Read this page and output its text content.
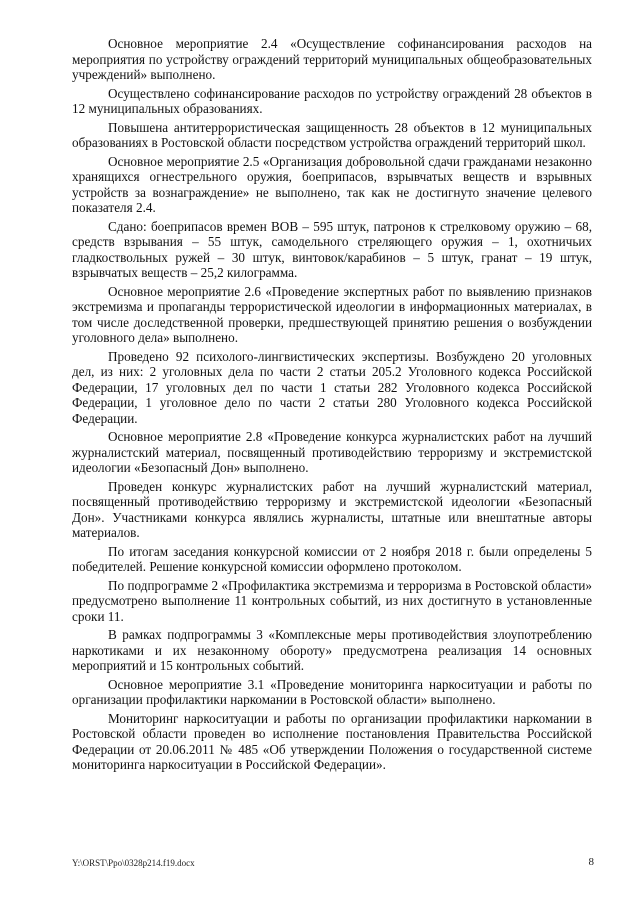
Основное мероприятие 2.4 «Осуществление софинансирования расходов на мероприятия по устройству ограждений территорий муниципальных общеобразовательных учреждений» выполнено.

Осуществлено софинансирование расходов по устройству ограждений 28 объектов в 12 муниципальных образованиях.

Повышена антитеррористическая защищенность 28 объектов в 12 муниципальных образованиях в Ростовской области посредством устройства ограждений территорий школ.

Основное мероприятие 2.5 «Организация добровольной сдачи гражданами незаконно хранящихся огнестрельного оружия, боеприпасов, взрывчатых веществ и взрывных устройств за вознаграждение» не выполнено, так как не достигнуто значение целевого показателя 2.4.

Сдано: боеприпасов времен ВОВ – 595 штук, патронов к стрелковому оружию – 68, средств взрывания – 55 штук, самодельного стреляющего оружия – 1, охотничьих гладкоствольных ружей – 30 штук, винтовок/карабинов – 5 штук, гранат – 19 штук, взрывчатых веществ – 25,2 килограмма.

Основное мероприятие 2.6 «Проведение экспертных работ по выявлению признаков экстремизма и пропаганды террористической идеологии в информационных материалах, в том числе доследственной проверки, предшествующей принятию решения о возбуждении уголовного дела» выполнено.

Проведено 92 психолого-лингвистических экспертизы. Возбуждено 20 уголовных дел, из них: 2 уголовных дела по части 2 статьи 205.2 Уголовного кодекса Российской Федерации, 17 уголовных дел по части 1 статьи 282 Уголовного кодекса Российской Федерации, 1 уголовное дело по части 2 статьи 280 Уголовного кодекса Российской Федерации.

Основное мероприятие 2.8 «Проведение конкурса журналистских работ на лучший журналистский материал, посвященный противодействию терроризму и экстремистской идеологии «Безопасный Дон» выполнено.

Проведен конкурс журналистских работ на лучший журналистский материал, посвященный противодействию терроризму и экстремистской идеологии «Безопасный Дон». Участниками конкурса являлись журналисты, штатные или внештатные авторы материалов.

По итогам заседания конкурсной комиссии от 2 ноября 2018 г. были определены 5 победителей. Решение конкурсной комиссии оформлено протоколом.

По подпрограмме 2 «Профилактика экстремизма и терроризма в Ростовской области» предусмотрено выполнение 11 контрольных событий, из них достигнуто в установленные сроки 11.

В рамках подпрограммы 3 «Комплексные меры противодействия злоупотреблению наркотиками и их незаконному обороту» предусмотрена реализация 14 основных мероприятий и 15 контрольных событий.

Основное мероприятие 3.1 «Проведение мониторинга наркоситуации и работы по организации профилактики наркомании в Ростовской области» выполнено.

Мониторинг наркоситуации и работы по организации профилактики наркомании в Ростовской области проведен во исполнение постановления Правительства Российской Федерации от 20.06.2011 № 485 «Об утверждении Положения о государственной системе мониторинга наркоситуации в Российской Федерации».

Y:\ORST\Ppo\0328p214.f19.docx	8
